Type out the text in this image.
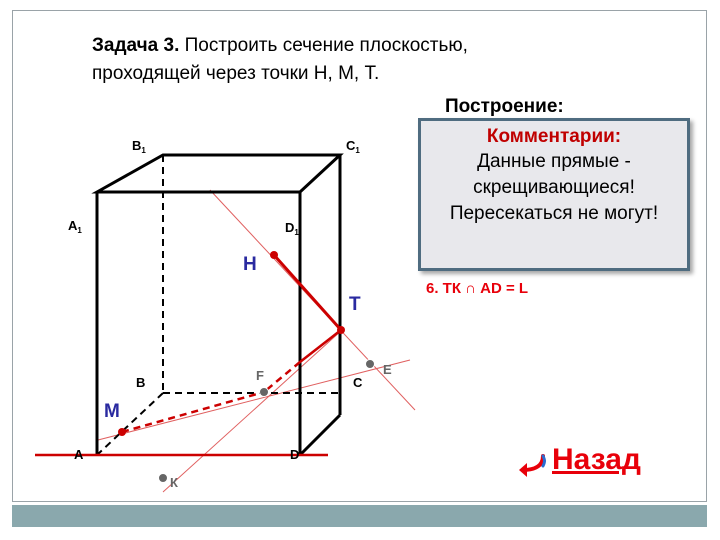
Задача 3. Построить сечение плоскостью,
проходящей через точки Н, М, Т.
Построение:
$В_1$	$С_1$
$А_1$	$D_1$
Н
Т
Е
F
В	С
М
А	D
К
Комментарии:
Данные прямые - скрещивающиеся! Пересекаться не могут!
6. ТК ∩ AD = L
Назад
